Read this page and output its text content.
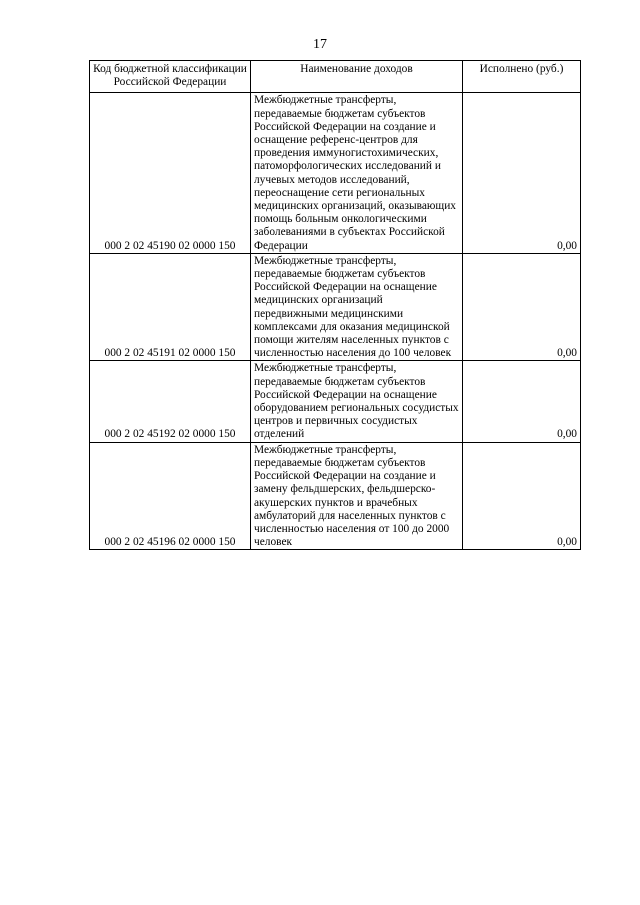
17
Код бюджетной классификации Российской Федерации	Наименование доходов	Исполнено (руб.)
000 2 02 45190 02 0000 150	Межбюджетные трансферты, передаваемые бюджетам субъектов Российской Федерации на создание и оснащение референс-центров для проведения иммуногистохимических, патоморфологических исследований и лучевых методов исследований, переоснащение сети региональных медицинских организаций, оказывающих помощь больным онкологическими заболеваниями в субъектах Российской Федерации	0,00
000 2 02 45191 02 0000 150	Межбюджетные трансферты, передаваемые бюджетам субъектов Российской Федерации на оснащение медицинских организаций передвижными медицинскими комплексами для оказания медицинской помощи жителям населенных пунктов с численностью населения до 100 человек	0,00
000 2 02 45192 02 0000 150	Межбюджетные трансферты, передаваемые бюджетам субъектов Российской Федерации на оснащение оборудованием региональных сосудистых центров и первичных сосудистых отделений	0,00
000 2 02 45196 02 0000 150	Межбюджетные трансферты, передаваемые бюджетам субъектов Российской Федерации на создание и замену фельдшерских, фельдшерско-акушерских пунктов и врачебных амбулаторий для населенных пунктов с численностью населения от 100 до 2000 человек	0,00
